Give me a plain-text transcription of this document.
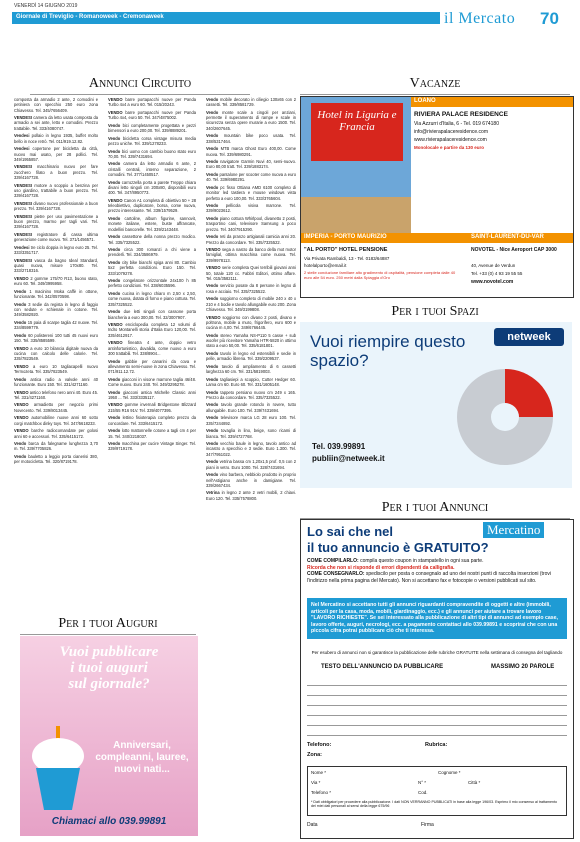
VENERDÌ 14 GIUGNO 2019
Giornale di Treviglio - Romanoweek - Cremonaweek	il Mercato 70
Annunci Circuito	Vacanze
Per i tuoi Spazi
Per i tuoi Annunci
Per i tuoi Auguri

composta da armadio 2 ante, 2 comodini e petiniera con specchio 250 euro zona Chiavesso. Tel. 345/7656409.

VENDESI camera da letto usata composta da armadio a sei ante, letto e comodini. Prezzo trattabile. Tel. 333/4080747.

Vendesi pollaio in legno 1935, buffet molto bello in noce retrò. Tel. 011/919.12.82.

Vendesi copertone per bicicletta da città, nuovo mai usato, per 28 pollici. Tel. 349/1955857.

VENDESI macchinario nuovo per fare zucchero filato a buon prezzo. Tel. 339/4167728.

VENDESI motore a scoppio a benzina per uso giardino, trattabile a buon prezzo. Tel. 339/4167728.

VENDESI divano nuovo professionale a buon prezzo. Tel. 339/4167728.

VENDESI pietre per uso pavimentazione a buon prezzo, marmo per tagli vari. Tel. 339/4167728.

VENDESI registratore di cassa ultima generazione come nuovo. Tel. 371/1456571.

Vendesi tre ciclo doppia in legno euro 25. Tel. 333/3351717.

VENDESI vasca da bagno Ideal Standard, quasi nuova, misure 170x80. Tel. 333/2718316.

VENDO 2 gomme 175/70 R13, buono stato, euro 60. Tel. 349/3995958.

Vendo 1 macinino Moka caffè in ottone, funzionante. Tel. 342/0570598.

Vendo 3 sedie da regista in legno di faggio con sedute e schienale in cotone. Tel. 349/3582920.

Vendo 15 paia di scarpe taglia 42 nuove. Tel. 334/8599779.

Vendo 60 polistereni 100 tutti 45 nuovi euro 150. Tel. 335/8585599.

VENDO a euro 10 bilancia digitale nuova da cucina con calcolo delle calorie. Tel. 335/7823549.

VENDO a euro 10 tagliacapelli nuovo Termozeta. Tel. 335/7823549.

Vendo antica radio a valvole anni 40 funzionante. Euro 150. Tel. 331/4271160.

VENDO antico telefono nero anni 40. Euro 45. Tel. 331/4271160.

VENDO armadietto per negozio primi Novecento. Tel. 339/8013445.

VENDO automobiline nuove anni 60 sotto corgi matchbox dinky toys. Tel. 347/5618233.

VENDO barche radiocomandate per golosi anni 60 e accessori. Tel. 335/6415172.

Vendo barca da falegname lunghezza 3,70 m. Tel. 339/7705826.

Vendo bauletto a leggio porta cianerisi 380, per motocicletta. Tel. 320/8719178.

VENDO barre portapacchi nuove per Panda Turbo 4x4 a euro 60. Tel. 015/20243.

VENDO barre portapacchi nuove per Panda Turbo 4x4, euro 50. Tel. 347/4875002.

Vendo bici completamente progettata e pezzi bimensori a euro 200,00. Tel. 339/8889201.

Vendo bicicletta corsa vintage misura media pezzo uniche. Tel. 339/1278233.

Vendo bici uomo con cambio buono stato euro 70,00. Tel. 339/7431694.

Vendo camera da letto armadio 6 ante, 2 cristalli centrali, interno separazione, 2 comodini. Tel. 377/1450517.

Vendo carrozzella porta a parete Treppo chiara divani letto singoli cm 200x80, disponibili euro 400. Tel. 347/8950773.

VENDO Canon A1 completa di obiettivo 50 + 28 teleobiettivo, duplicatore, borsa, come nuova, prezzo interessante. Tel. 339/1579529.

Vendo cartoline, album figurine, sannovit, monete italiane, estere, buste affrancate, modellini bancorelle. Tel. 339/2143448.

Vendo cassettone della nonna prezzo modico. Tel. 335/7325522.

Vendo circa 300 romanzi a chi viene a prenderli. Tel. 334/3586979.

Vendo city bike bianchi spiga anni 80. Cambio 5x2 perfetta condizioni. Euro 150. Tel. 333/1079278.

Vendo congelatore orizzontale 24x100 h 85 perfetto condizioni. Tel. 338/6035596.

Vendo cucina in legno chiaro m 2,50 x 2,50, come nuova, dotata di forno e piano cottura. Tel. 335/7325522.

Vendo due letti singoli con cassone porta biancheria a euro 300,00. Tel. 32/3007907.

VENDO enciclopedia completa 12 volumi di Indro Montanelli storia d'Italia Euro 120,00. Tel. 335/4612917.

VENDO fineatra 4 ante, doppio vetro antinfortunistico, duvalida, come nuovo a euro 300 trattabili. Tel. 338/8904...

Vendo gabbie per canarini da cova e allevamento semi-nuove in zona Chiavesso. Tel. 071/911.12.72.

Vendo giacconi in visone marrone taglia 46/48. Come nuovo. Euro 240. Tel. 349/3295278.

Vendo giacconi antica Michelle Classic anni 1950 ... Tel. 333/3335117.

VENDO gomme invernali Bridgestone Blizzard 215/55 R16 91V. Tel. 339/4077395.

Vendo lettino fisioterapia completo prezzo da concordare. Tel. 333/6415172.

Vendo lotto mattonnelle cotone a tagli cm 4 per 15. Tel. 340/2218037.

Vendo macchina per cucire Vintage Singer. Tel. 339/9719178.

Vendo mobile decorato in ciliegio 130x65 con 2 cassetti. Tel. 339/8581729.

Vendo monte scale a cingoli per anziani, permette il superamento di rampe e scale in sicurezza senza opere murarie a euro 1500. Tel. 340/2607645.

Vendo mountain bike poco usata. Tel. 338/5317464.

Vendo MTB marca Ghost Euro 400,00. Come nuova. Tel. 339/6980291.

Vendo navigatore Garmin Nuvi 40, semi-nuovo. Euro 80,00 tratt. Tel. 339/1883174.

Vendo pantalone per scooter come nuova a euro 40. Tel. 339/6980291.

Vendo pc fisso Ottiana AMD 6100 completo di monitor led tastiera e mouse windows vista perfetto a euro 100,00. Tel. 333/3765604.

Vendo pellicola visiva marrone. Tel. 339/9023612.

Vendo piano cottura Whirlpool, divanetto 2 posti, trasportino cani, televisore Samsung a poco prezzo. Tel. 340/7915290.

Vendo reti da pranzo artigianali camicia anni 20. Prezzo da concordare. Tel. 335/7325522.

VENDO sega a nastro da banco della mot motor famiglial, ottima macchina come nuova. Tel. 339/9978113.

VENDO serie completa Quei terribili giovani anni 50, totale 120 cc. Fabbri Editori, ottimo affare. Tel. 015/3582111.

Vendo servizio posate da 8 persone in legno di rosa e acciaio. Tel. 335/7325522.

Vendo soggiorno completo di mobile 240 x 40 x 210 e 4 bodie e tavolo allungabile euro 200. Zona Chiavesso. Tel. 349/3199808.

VENDO soggiorno con divano 2 posti, divano e poltrona, mobile a muro, frigorifero, euro 600 e cucina m 4,00. Tel. 349/6766445.

Vendo stereo Yamaha NS-P110 5 casse + sub woofer più ricevitore Yamaha HTR-5820 in ottimo stato a euro 50,00. Tel. 335/6181801.

Vendo tavolo in legno ed estensibili e sedie in pelle, armadio libreria. Tel. 339/2209537.

Vendo tavolo di ampliamento di 6 cassetti larghezza 60 cm. Tel. 331/5819003.

Vendo tagliasiepi a scoppio, Cutter Hedger 60. Lama cm 60. Euro 60. Tel. 331/1605148.

Vendo tappeto persiano nuovo cm 249 x 165. Prezzo da concordare. Tel. 335/7325522.

Vendo tavolo grande rotondo in rovere, tutto allungabile. Euro 100. Tel. 339/7431694.

Vendo televisore marca LG 28 euro 100. Tel. 335/7244892.

Vendo tovaglia in lino, beige, sono ricami di bianca. Tel. 339/4727768.

Vendo vecchio baule in legno, tavolo antico ad incastro a specchio e 3 sedie. Euro 1.300. Tel. 347/7951022.

Vendo vetrina bassa cm 1,20x1,5 prof. 0,5 con 2 piani in vetro. Euro 1000. Tel. 328/7431694.

Vendo vino barbera, nebbiolo prodotto in proprio nell'Astigiano anche in damigiane. Tel. 339/2667434.

Vetrina in legno 2 ante 2 vetri mobili, 2 chiavi. Euro 120. Tel. 335/7578800.

Hotel in Liguria e Francia
LOANO
RIVIERA PALACE RESIDENCE
Via Azzurri d'Italia, 6 - Tel. 019 674180
info@rivierapalaceresidence.com
www.rivierapalaceresidence.com
Monolocale e partire da 130 euro
IMPERIA - PORTO MAURIZIO	SAINT-LAURENT-DU-VAR
"AL PORTO" HOTEL PENSIONE
Via Privata Rambaldi, 13 - Tel. 0183/64887
hotelalporto@email.it
2 stelle conduzione familiare alto gradimento di ospitalità, pensione completa dalle 40 euro alle 54 euro. 250 metri dalla Spiaggia d'Oro
NOVOTEL - Nice Aeroport CAP 3000
40, Avenue de Verdun
Tel. +33 (0) 4 93 19 55 55
www.novotel.com
Vuoi riempire questo spazio?
netweek
Tel. 039.99891
publiin@netweek.it
Lo sai che nel	Mercatino
il tuo annuncio è GRATUITO?
COME COMPILARLO: compila questo coupon in stampatello in ogni sua parte.
Ricorda che non si risponde di errori dipendenti da calligrafia.
COME CONSEGNARLO: spediscilo per posta o consegnalo ad uno dei nostri punti di raccolta inserzioni (trovi l'indirizzo nella prima pagina del Mercato). Non si accettano fax e fotocopie o versioni pubblicati sul sito.
Nel Mercatino si accettano tutti gli annunci riguardanti compravendite di oggetti e altre (immobili, articoli per la casa, moda, mobili, giardinaggio, ecc.) e gli annunci per aiutare a trovare lavoro "LAVORO RICHIESTE". Se sei interessato alla pubblicazione di altri tipi di annunci ad esempio case, lavoro offerte, auguri, necrologi, ecc. a pagamento contattaci allo 039.99891 e scoprirai che con una piccola cifra potrai pubblicare ciò che ti interessa.
Per esubero di annunci non si garantisce la pubblicazione delle rubriche GRATUITE nella settimana di consegna del tagliando
TESTO DELL'ANNUNCIO DA PUBBLICARE	MASSIMO 20 PAROLE
Telefono:	Rubrica:
Zona:
Nome *	Cognome *
Via *	N° *	Città *
Telefono *	Cod.
* Dati obbligatori per procedere alla pubblicazione. I dati NON VERRANNO PUBBLICATI in base alla legge 196/03. Esprimo il mio consenso al trattamento dei miei dati personali ai sensi della legge 675/96
Data	Firma
Vuoi pubblicare
i tuoi auguri
sul giornale?
Anniversari, compleanni, lauree, nuovi nati...
Chiamaci allo 039.99891
